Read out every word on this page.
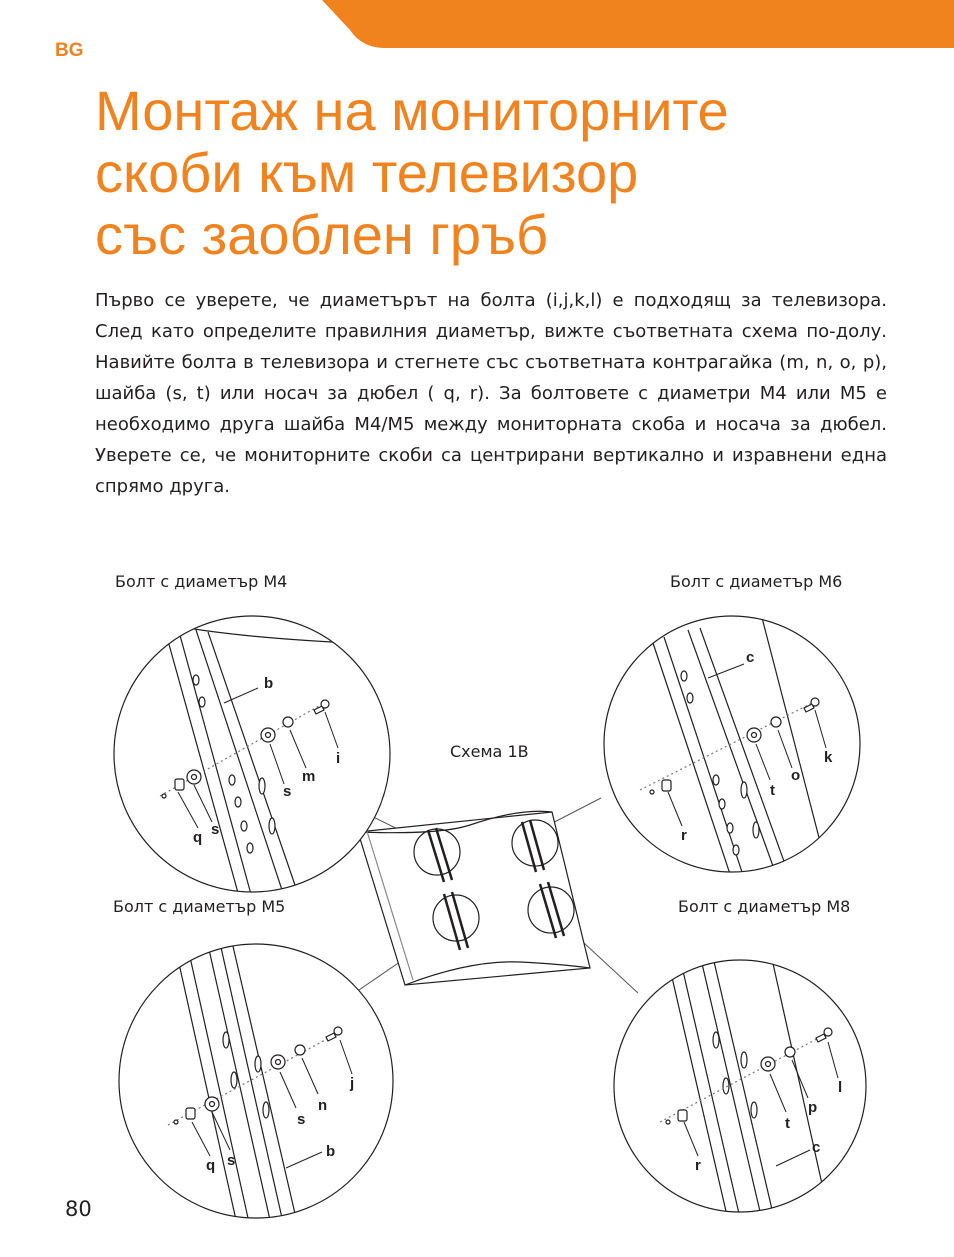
BG
Монтаж на мониторните
скоби към телевизор
със заоблен гръб

Първо се уверете, че диаметърът на болта (i,j,k,l) е подходящ за телевизора. След като определите правилния диаметър, вижте съответната схема по-долу. Навийте болта в телевизора и стегнете със съответната контрагайка (m, n, o, p), шайба (s, t) или носач за дюбел ( q, r). За болтовете с диаметри M4 или M5 е необходимо друга шайба M4/M5 между мониторната скоба и носача за дюбел. Уверете се, че мониторните скоби са центрирани вертикално и изравнени една спрямо друга.

Болт с диаметър M4	Болт с диаметър M6
Болт с диаметър M5	Болт с диаметър M8
Схема 1В
b
i
m
s
s
q
c
k
o
t
r
j
n
s
b
s
q
l
p
t
c
r
80
